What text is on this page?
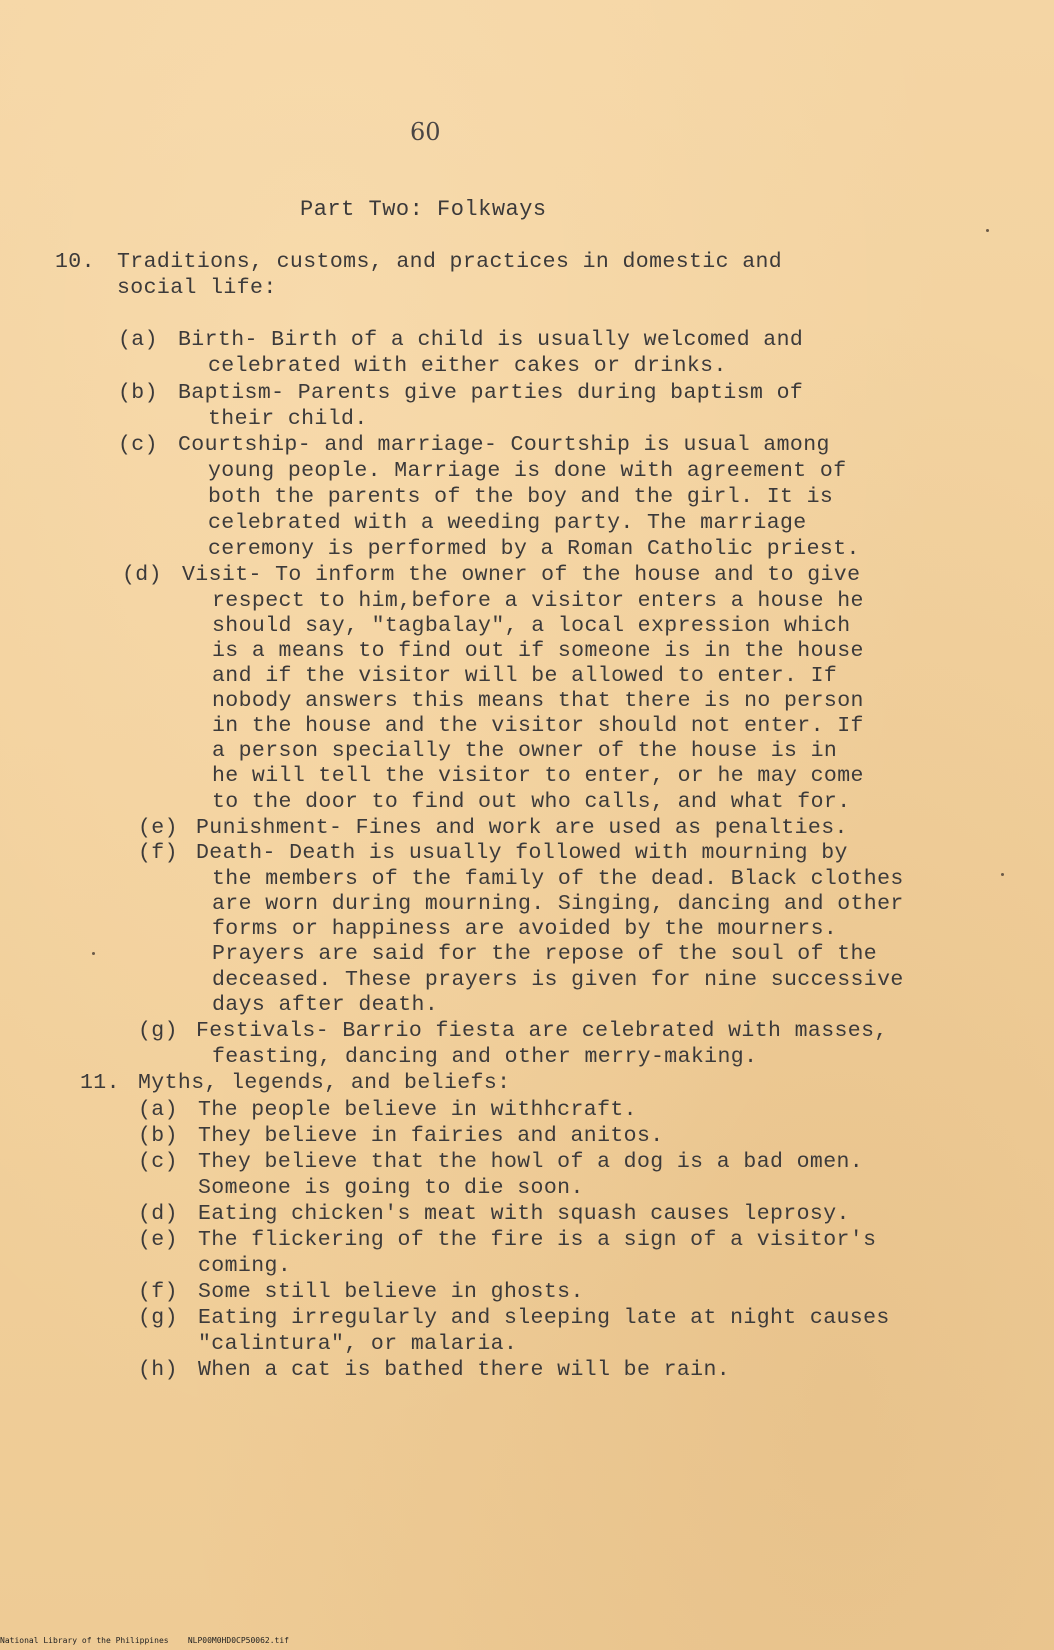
60
Part Two: Folkways
10. Traditions, customs, and practices in domestic and
social life:
(a) Birth- Birth of a child is usually welcomed and
celebrated with either cakes or drinks.
(b) Baptism- Parents give parties during baptism of
their child.
(c) Courtship- and marriage- Courtship is usual among
young people. Marriage is done with agreement of
both the parents of the boy and the girl. It is
celebrated with a weeding party. The marriage
ceremony is performed by a Roman Catholic priest.
(d) Visit- To inform the owner of the house and to give
respect to him,before a visitor enters a house he
should say, "tagbalay", a local expression which
is a means to find out if someone is in the house
and if the visitor will be allowed to enter. If
nobody answers this means that there is no person
in the house and the visitor should not enter. If
a person specially the owner of the house is in
he will tell the visitor to enter, or he may come
to the door to find out who calls, and what for.
(e) Punishment- Fines and work are used as penalties.
(f) Death- Death is usually followed with mourning by
the members of the family of the dead. Black clothes
are worn during mourning. Singing, dancing and other
forms or happiness are avoided by the mourners.
Prayers are said for the repose of the soul of the
deceased. These prayers is given for nine successive
days after death.
(g) Festivals- Barrio fiesta are celebrated with masses,
feasting, dancing and other merry-making.
11. Myths, legends, and beliefs:
(a) The people believe in withhcraft.
(b) They believe in fairies and anitos.
(c) They believe that the howl of a dog is a bad omen.
Someone is going to die soon.
(d) Eating chicken's meat with squash causes leprosy.
(e) The flickering of the fire is a sign of a visitor's
coming.
(f) Some still believe in ghosts.
(g) Eating irregularly and sleeping late at night causes
"calintura", or malaria.
(h) When a cat is bathed there will be rain.
National Library of the Philippines NLP00M0HD0CP50062.tif
